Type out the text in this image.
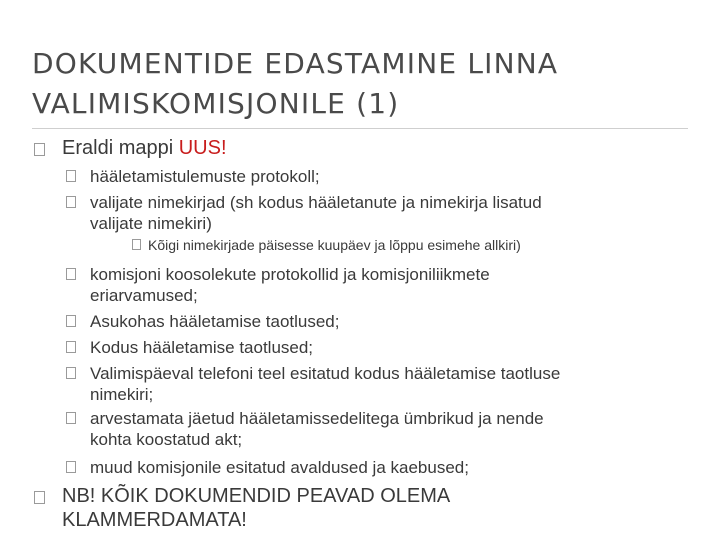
DOKUMENTIDE EDASTAMINE LINNA
VALIMISKOMISJONILE (1)
Eraldi mappi UUS!
hääletamistulemuste protokoll;
valijate nimekirjad (sh kodus hääletanute ja nimekirja lisatud
valijate nimekiri)
Kõigi nimekirjade päisesse kuupäev ja lõppu esimehe allkiri)
komisjoni koosolekute protokollid ja komisjoniliikmete
eriarvamused;
Asukohas hääletamise taotlused;
Kodus hääletamise taotlused;
Valimispäeval telefoni teel esitatud kodus hääletamise taotluse
nimekiri;
arvestamata jäetud hääletamissedelitega ümbrikud ja nende
kohta koostatud akt;
muud komisjonile esitatud avaldused ja kaebused;
NB! KÕIK DOKUMENDID PEAVAD OLEMA
KLAMMERDAMATA!
